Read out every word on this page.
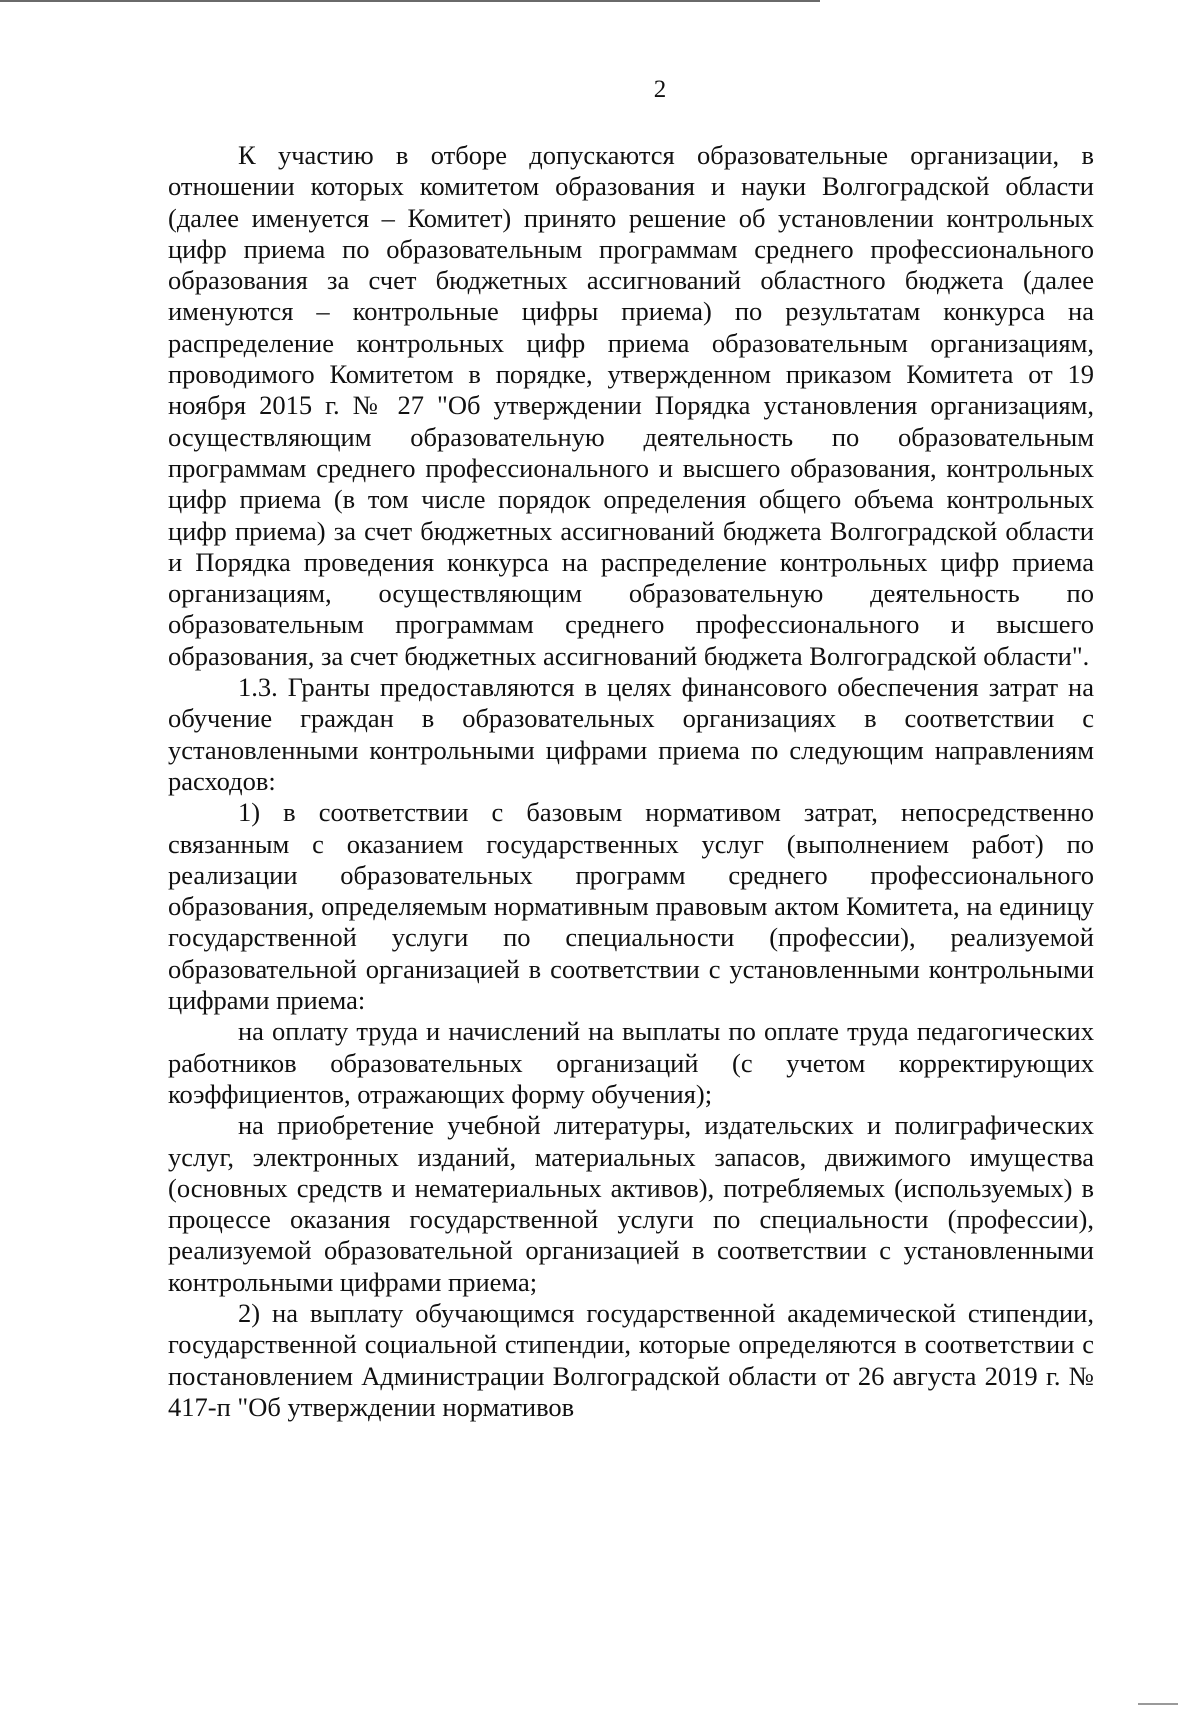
2

К участию в отборе допускаются образовательные организации, в отношении которых комитетом образования и науки Волгоградской области (далее именуется – Комитет) принято решение об установлении контрольных цифр приема по образовательным программам среднего профессионального образования за счет бюджетных ассигнований областного бюджета (далее именуются – контрольные цифры приема) по результатам конкурса на распределение контрольных цифр приема образовательным организациям, проводимого Комитетом в порядке, утвержденном приказом Комитета от 19 ноября 2015 г. № 27 "Об утверждении Порядка установления организациям, осуществляющим образовательную деятельность по образовательным программам среднего профессионального и высшего образования, контрольных цифр приема (в том числе порядок определения общего объема контрольных цифр приема) за счет бюджетных ассигнований бюджета Волгоградской области и Порядка проведения конкурса на распределение контрольных цифр приема организациям, осуществляющим образовательную деятельность по образовательным программам среднего профессионального и высшего образования, за счет бюджетных ассигнований бюджета Волгоградской области".

1.3. Гранты предоставляются в целях финансового обеспечения затрат на обучение граждан в образовательных организациях в соответствии с установленными контрольными цифрами приема по следующим направлениям расходов:

1) в соответствии с базовым нормативом затрат, непосредственно связанным с оказанием государственных услуг (выполнением работ) по реализации образовательных программ среднего профессионального образования, определяемым нормативным правовым актом Комитета, на единицу государственной услуги по специальности (профессии), реализуемой образовательной организацией в соответствии с установленными контрольными цифрами приема:

на оплату труда и начислений на выплаты по оплате труда педагогических работников образовательных организаций (с учетом корректирующих коэффициентов, отражающих форму обучения);

на приобретение учебной литературы, издательских и полиграфических услуг, электронных изданий, материальных запасов, движимого имущества (основных средств и нематериальных активов), потребляемых (используемых) в процессе оказания государственной услуги по специальности (профессии), реализуемой образовательной организацией в соответствии с установленными контрольными цифрами приема;

2) на выплату обучающимся государственной академической стипендии, государственной социальной стипендии, которые определяются в соответствии с постановлением Администрации Волгоградской области от 26 августа 2019 г. № 417-п "Об утверждении нормативов
